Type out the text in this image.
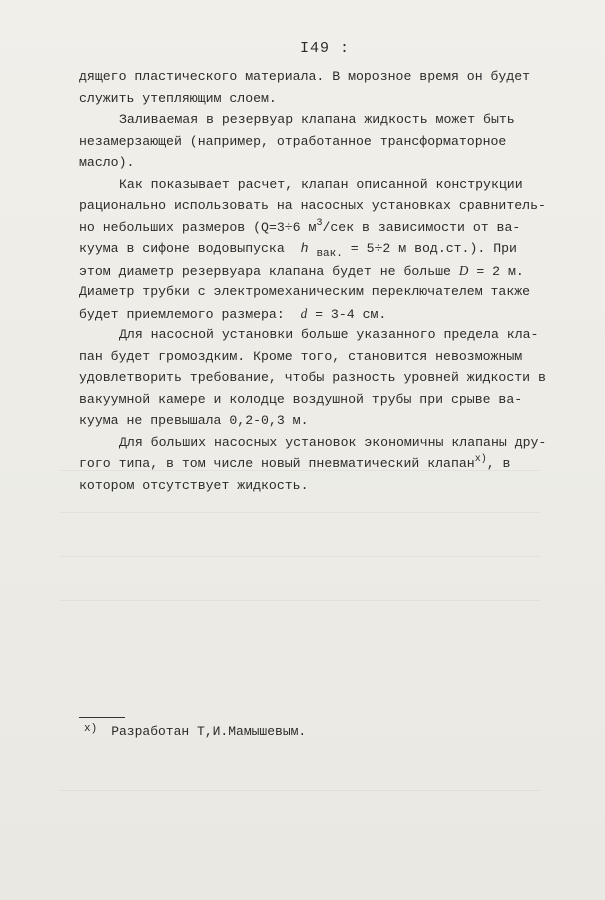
I49 :
дящего пластического материала. В морозное время он будет
служить утепляющим слоем.
Заливаемая в резервуар клапана жидкость может быть
незамерзающей (например, отработанное трансформаторное
масло).
Как показывает расчет, клапан описанной конструкции
рационально использовать на насосных установках сравнитель-
но небольших размеров (Q=3÷6 $м^3$/сек в зависимости от ва-
куума в сифоне водовыпуска h $_{вак.}$ = 5÷2 м вод.ст.). При
этом диаметр резервуара клапана будет не больше D = 2 м.
Диаметр трубки с электромеханическим переключателем также
будет приемлемого размера: d = 3-4 см.
Для насосной установки больше указанного предела кла-
пан будет громоздким. Кроме того, становится невозможным
удовлетворить требование, чтобы разность уровней жидкости в
вакуумной камере и колодце воздушной трубы при срыве ва-
куума не превышала 0,2-0,3 м.
Для больших насосных установок экономичны клапаны дру-
гого типа, в том числе новый пневматический клапан$^{x)}$, в
котором отсутствует жидкость.
$^{x)}$ Разработан Т,И.Мамышевым.
